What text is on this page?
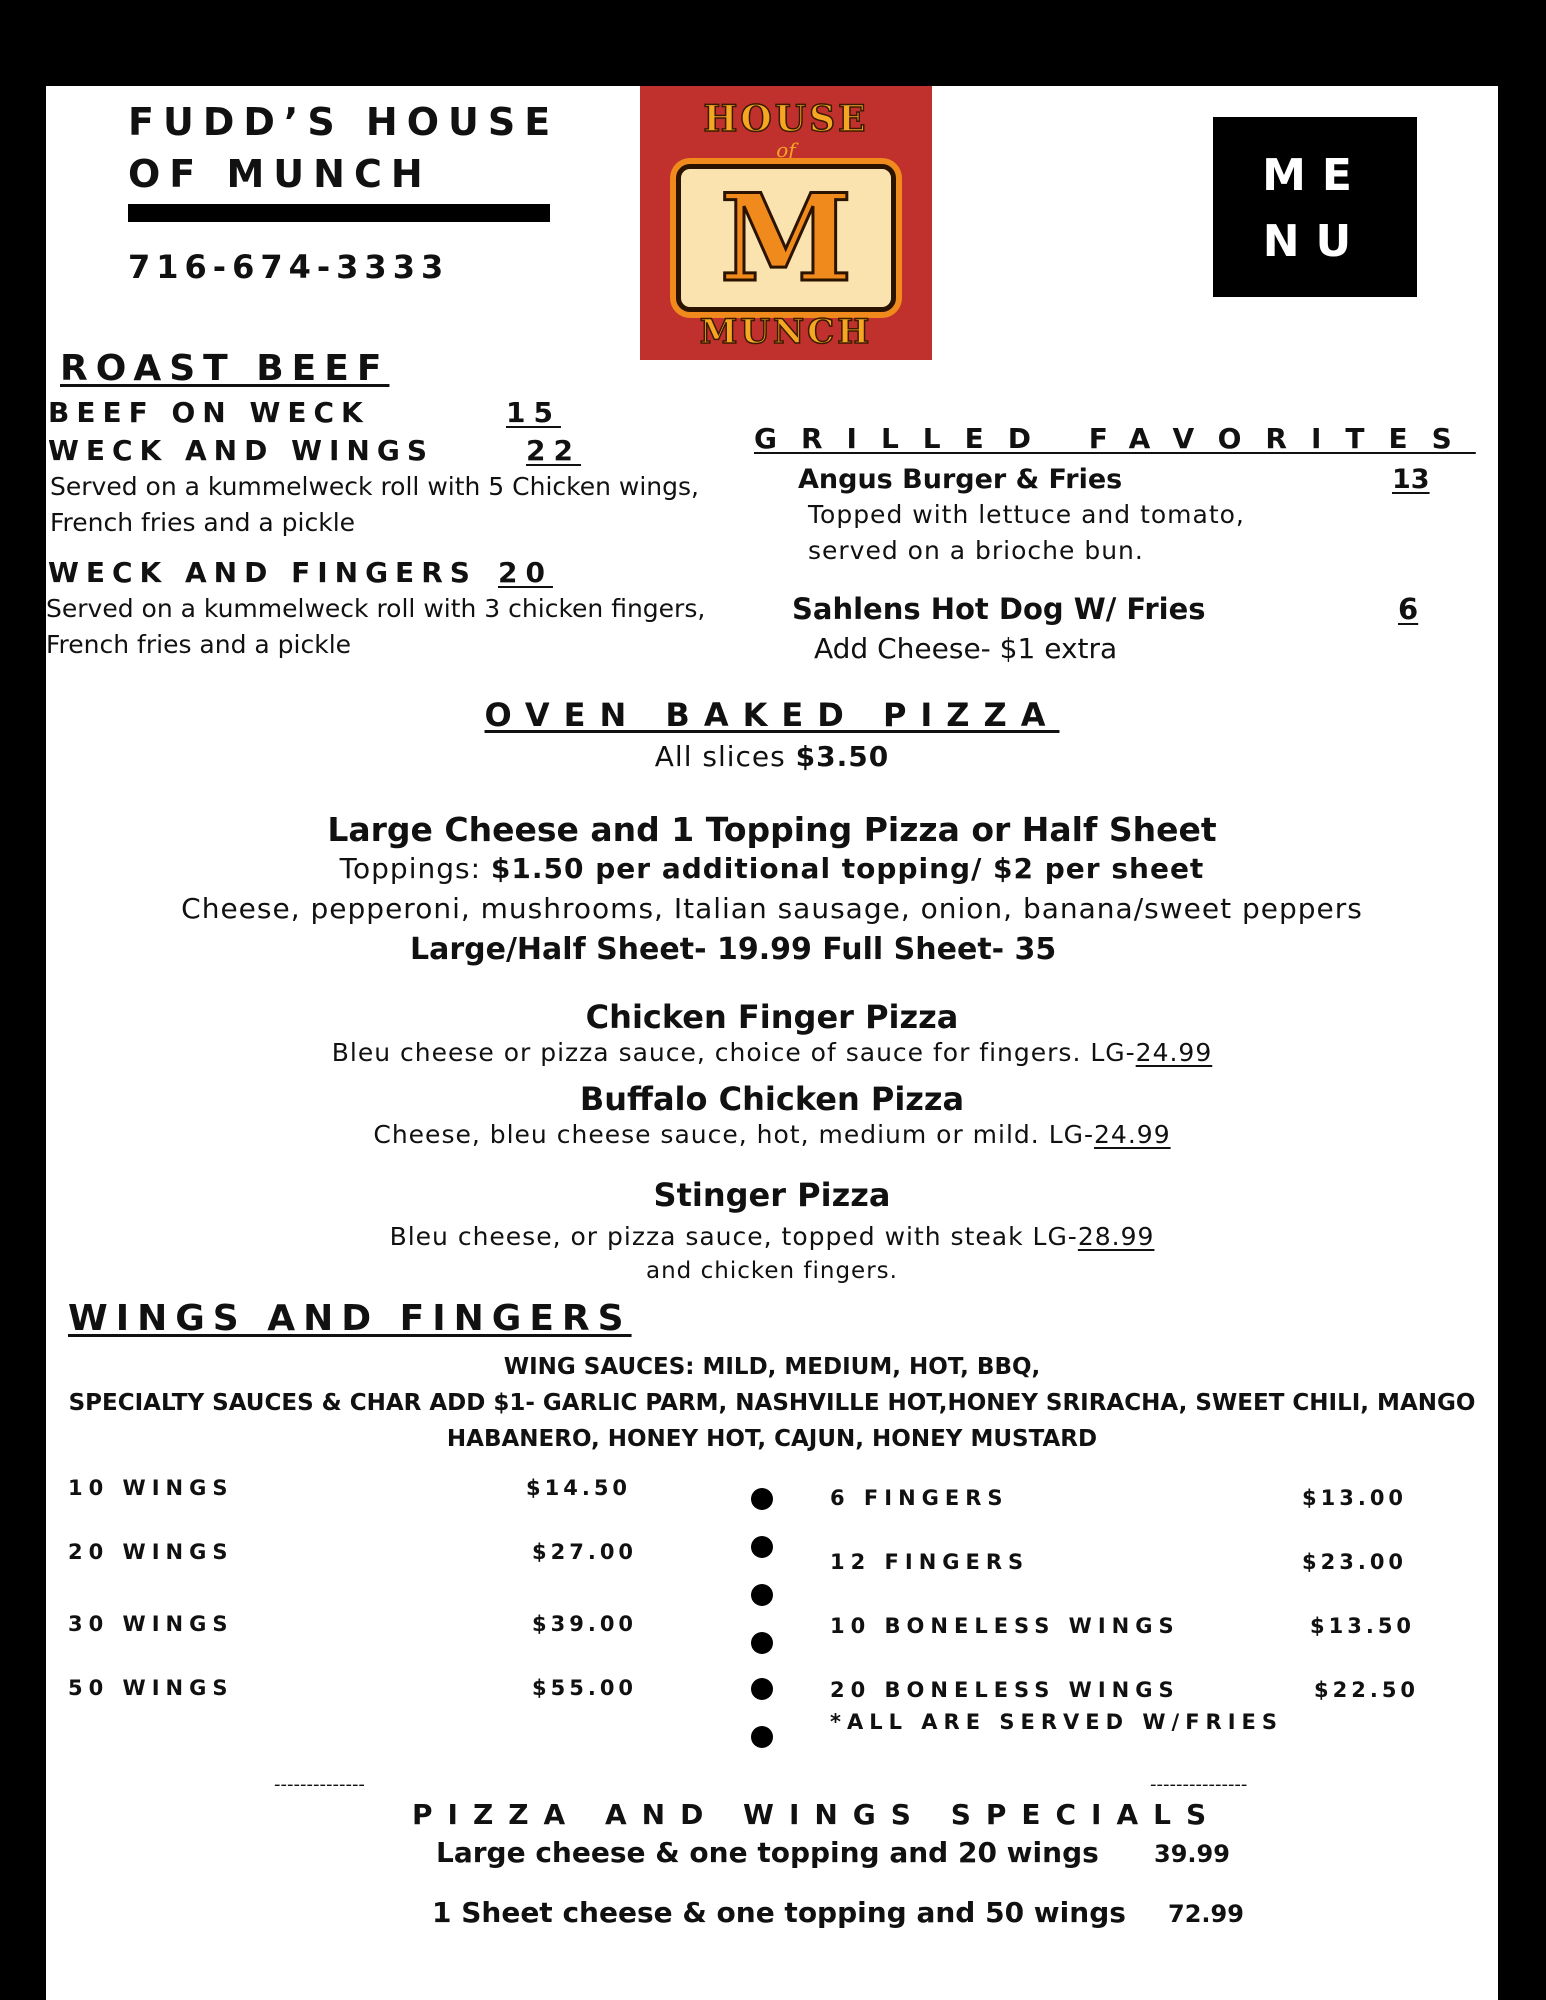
FUDD’S HOUSE
OF MUNCH
716-674-3333
HOUSE
of
M
MUNCH
ME
NU
ROAST BEEF
BEEF ON WECK	15
WECK AND WINGS	22
Served on a kummelweck roll with 5 Chicken wings,
French fries and a pickle
WECK AND FINGERS 20
Served on a kummelweck roll with 3 chicken fingers,
French fries and a pickle
GRILLED FAVORITES
Angus Burger & Fries	13
Topped with lettuce and tomato,
served on a brioche bun.
Sahlens Hot Dog W/ Fries	6
Add Cheese- $1 extra
OVEN BAKED PIZZA
All slices $3.50
Large Cheese and 1 Topping Pizza or Half Sheet
Toppings: $1.50 per additional topping/ $2 per sheet
Cheese, pepperoni, mushrooms, Italian sausage, onion, banana/sweet peppers
Large/Half Sheet- 19.99 Full Sheet- 35
Chicken Finger Pizza
Bleu cheese or pizza sauce, choice of sauce for fingers. LG-24.99
Buffalo Chicken Pizza
Cheese, bleu cheese sauce, hot, medium or mild. LG-24.99
Stinger Pizza
Bleu cheese, or pizza sauce, topped with steak LG-28.99
and chicken fingers.
WINGS AND FINGERS
WING SAUCES: MILD, MEDIUM, HOT, BBQ,
SPECIALTY SAUCES & CHAR ADD $1- GARLIC PARM, NASHVILLE HOT,HONEY SRIRACHA, SWEET CHILI, MANGO
HABANERO, HONEY HOT, CAJUN, HONEY MUSTARD
10 WINGS	$14.50
20 WINGS	$27.00
30 WINGS	$39.00
50 WINGS	$55.00
6 FINGERS	$13.00
12 FINGERS	$23.00
10 BONELESS WINGS	$13.50
20 BONELESS WINGS	$22.50
*ALL ARE SERVED W/FRIES
--------------	---------------
PIZZA AND WINGS SPECIALS
Large cheese & one topping and 20 wings 39.99
1 Sheet cheese & one topping and 50 wings 72.99
